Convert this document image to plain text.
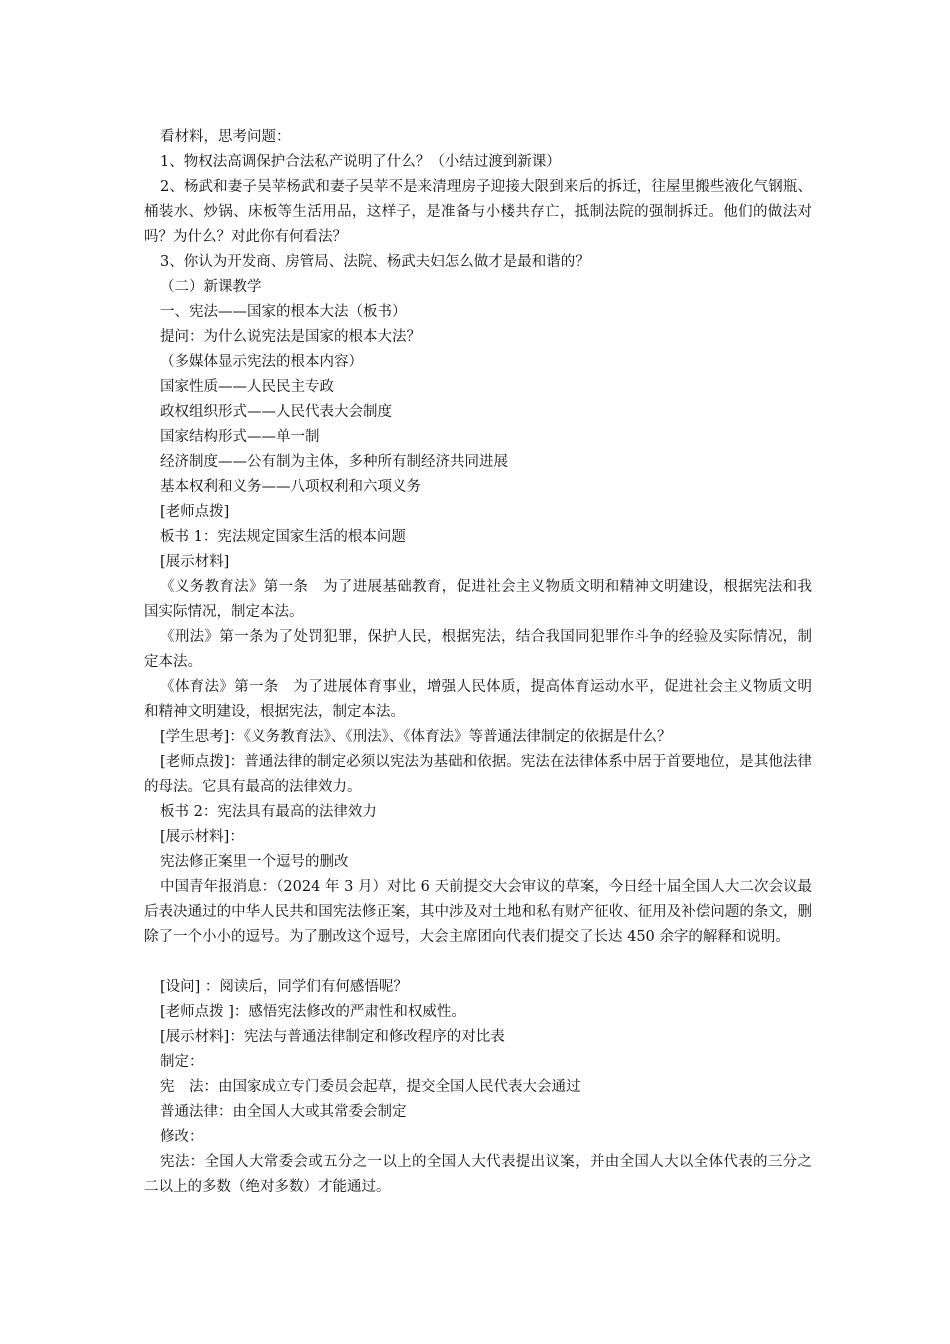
看材料，思考问题：

1、物权法高调保护合法私产说明了什么？（小结过渡到新课）

2、杨武和妻子吴苹杨武和妻子吴苹不是来清理房子迎接大限到来后的拆迁，往屋里搬些液化气钢瓶、桶装水、炒锅、床板等生活用品，这样子，是准备与小楼共存亡，抵制法院的强制拆迁。他们的做法对吗？为什么？对此你有何看法？

3、你认为开发商、房管局、法院、杨武夫妇怎么做才是最和谐的？

（二）新课教学

一、宪法——国家的根本大法（板书）

提问：为什么说宪法是国家的根本大法？

（多媒体显示宪法的根本内容）

国家性质——人民民主专政

政权组织形式——人民代表大会制度

国家结构形式——单一制

经济制度——公有制为主体，多种所有制经济共同进展

基本权利和义务——八项权利和六项义务

[老师点拨]

板书 1：宪法规定国家生活的根本问题

[展示材料]

《义务教育法》第一条　为了进展基础教育，促进社会主义物质文明和精神文明建设，根据宪法和我国实际情况，制定本法。

《刑法》第一条为了处罚犯罪，保护人民，根据宪法，结合我国同犯罪作斗争的经验及实际情况，制定本法。

《体育法》第一条　为了进展体育事业，增强人民体质，提高体育运动水平，促进社会主义物质文明和精神文明建设，根据宪法，制定本法。

[学生思考]：《义务教育法》、《刑法》、《体育法》等普通法律制定的依据是什么？

[老师点拨]：普通法律的制定必须以宪法为基础和依据。宪法在法律体系中居于首要地位，是其他法律的母法。它具有最高的法律效力。

板书 2：宪法具有最高的法律效力

[展示材料]：

宪法修正案里一个逗号的删改

中国青年报消息：（2024 年 3 月）对比 6 天前提交大会审议的草案，今日经十届全国人大二次会议最后表决通过的中华人民共和国宪法修正案，其中涉及对土地和私有财产征收、征用及补偿问题的条文，删除了一个小小的逗号。为了删改这个逗号，大会主席团向代表们提交了长达 450 余字的解释和说明。

[设问] ：阅读后，同学们有何感悟呢？

[老师点拨 ]：感悟宪法修改的严肃性和权威性。

[展示材料]：宪法与普通法律制定和修改程序的对比表

制定：

宪　法：由国家成立专门委员会起草，提交全国人民代表大会通过

普通法律：由全国人大或其常委会制定

修改：

宪法：全国人大常委会或五分之一以上的全国人大代表提出议案，并由全国人大以全体代表的三分之二以上的多数（绝对多数）才能通过。
